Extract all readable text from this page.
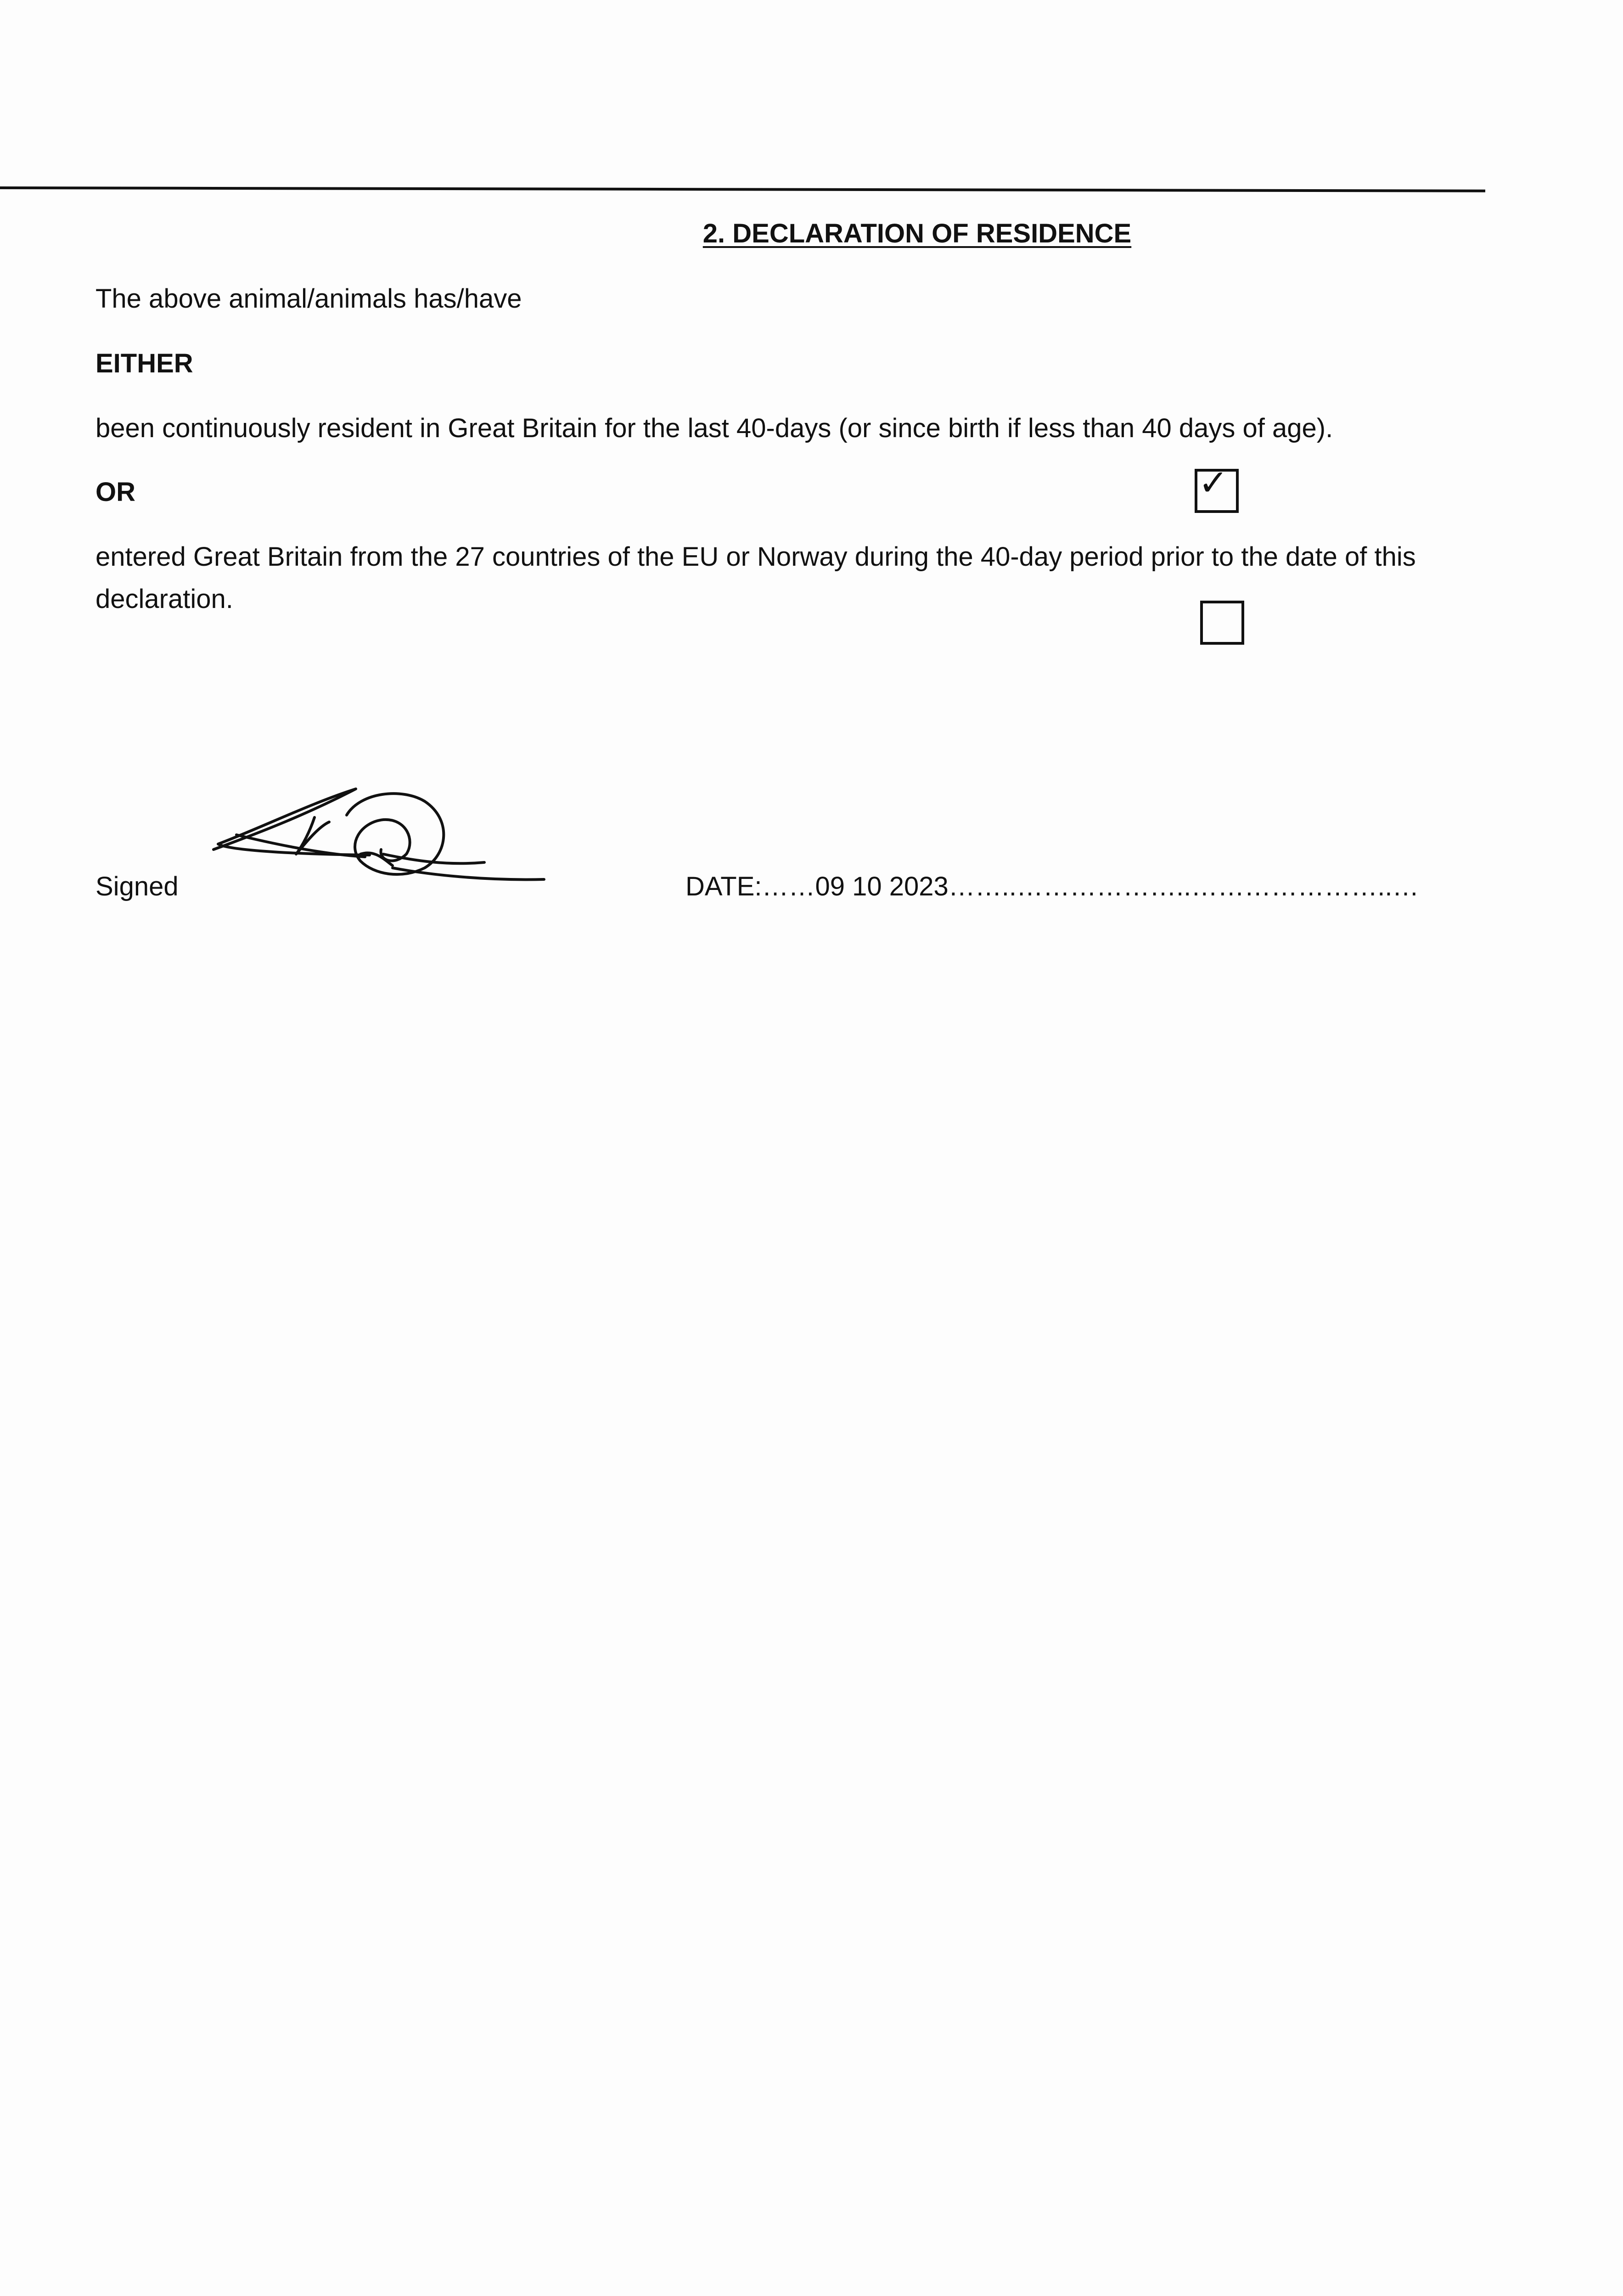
2. DECLARATION OF RESIDENCE
The above animal/animals has/have
EITHER
been continuously resident in Great Britain for the last 40-days (or since birth if less than 40 days of age).
OR	✓
entered Great Britain from the 27 countries of the EU or Norway during the 40-day period prior to the date of this declaration.
Signed	DATE:……09 10 2023……..………………..…………………..…
